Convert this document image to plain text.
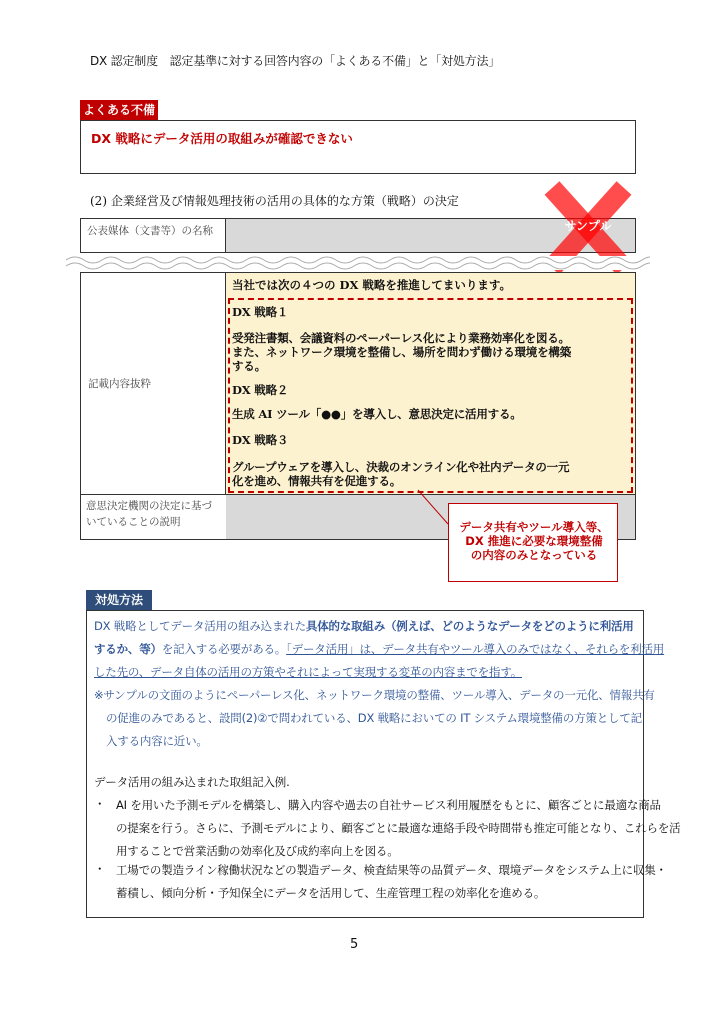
DX 認定制度　認定基準に対する回答内容の「よくある不備」と「対処方法」
よくある不備
DX 戦略にデータ活用の取組みが確認できない
(2) 企業経営及び情報処理技術の活用の具体的な方策（戦略）の決定
公表媒体（文書等）の名称	サンプル
記載内容抜粋
意思決定機関の決定に基づいていることの説明
当社では次の４つの DX 戦略を推進してまいります。
DX 戦略１
受発注書類、会議資料のペーパーレス化により業務効率化を図る。
また、ネットワーク環境を整備し、場所を問わず働ける環境を構築
する。
DX 戦略２
生成 AI ツール「●●」を導入し、意思決定に活用する。
DX 戦略３
グループウェアを導入し、決裁のオンライン化や社内データの一元
化を進め、情報共有を促進する。
データ共有やツール導入等、
DX 推進に必要な環境整備
の内容のみとなっている
対処方法
DX 戦略としてデータ活用の組み込まれた具体的な取組み（例えば、どのようなデータをどのように利活用
するか、等）を記入する必要がある。「データ活用」は、データ共有やツール導入のみではなく、それらを利活用
した先の、データ自体の活用の方策やそれによって実現する変革の内容までを指す。
※サンプルの文面のようにペーパーレス化、ネットワーク環境の整備、ツール導入、データの一元化、情報共有
の促進のみであると、設問(2)②で問われている、DX 戦略においての IT システム環境整備の方策として記
入する内容に近い。
データ活用の組み込まれた取組記入例.
・ AI を用いた予測モデルを構築し、購入内容や過去の自社サービス利用履歴をもとに、顧客ごとに最適な商品
の提案を行う。さらに、予測モデルにより、顧客ごとに最適な連絡手段や時間帯も推定可能となり、これらを活
用することで営業活動の効率化及び成約率向上を図る。
・ 工場での製造ライン稼働状況などの製造データ、検査結果等の品質データ、環境データをシステム上に収集・
蓄積し、傾向分析・予知保全にデータを活用して、生産管理工程の効率化を進める。
5
